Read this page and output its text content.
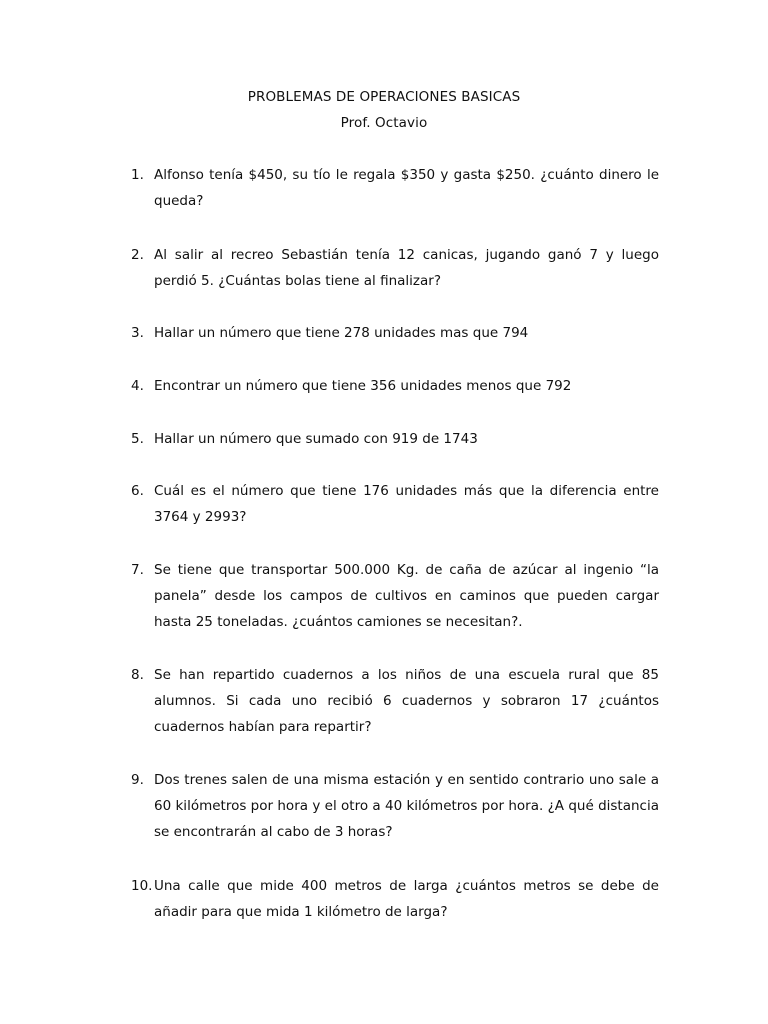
PROBLEMAS DE OPERACIONES BASICAS
Prof. Octavio
1. Alfonso tenía $450, su tío le regala $350 y gasta $250. ¿cuánto dinero le queda?
2. Al salir al recreo Sebastián tenía 12 canicas, jugando ganó 7 y luego perdió 5. ¿Cuántas bolas tiene al finalizar?
3. Hallar un número que tiene 278 unidades mas que 794
4. Encontrar un número que tiene 356 unidades menos que 792
5. Hallar un número que sumado con 919 de 1743
6. Cuál es el número que tiene 176 unidades más que la diferencia entre 3764 y 2993?
7. Se tiene que transportar 500.000 Kg. de caña de azúcar al ingenio “la panela” desde los campos de cultivos en caminos que pueden cargar hasta 25 toneladas. ¿cuántos camiones se necesitan?.
8. Se han repartido cuadernos a los niños de una escuela rural que 85 alumnos. Si cada uno recibió 6 cuadernos y sobraron 17 ¿cuántos cuadernos habían para repartir?
9. Dos trenes salen de una misma estación y en sentido contrario uno sale a 60 kilómetros por hora y el otro a 40 kilómetros por hora. ¿A qué distancia se encontrarán al cabo de 3 horas?
10. Una calle que mide 400 metros de larga ¿cuántos metros se debe de añadir para que mida 1 kilómetro de larga?
